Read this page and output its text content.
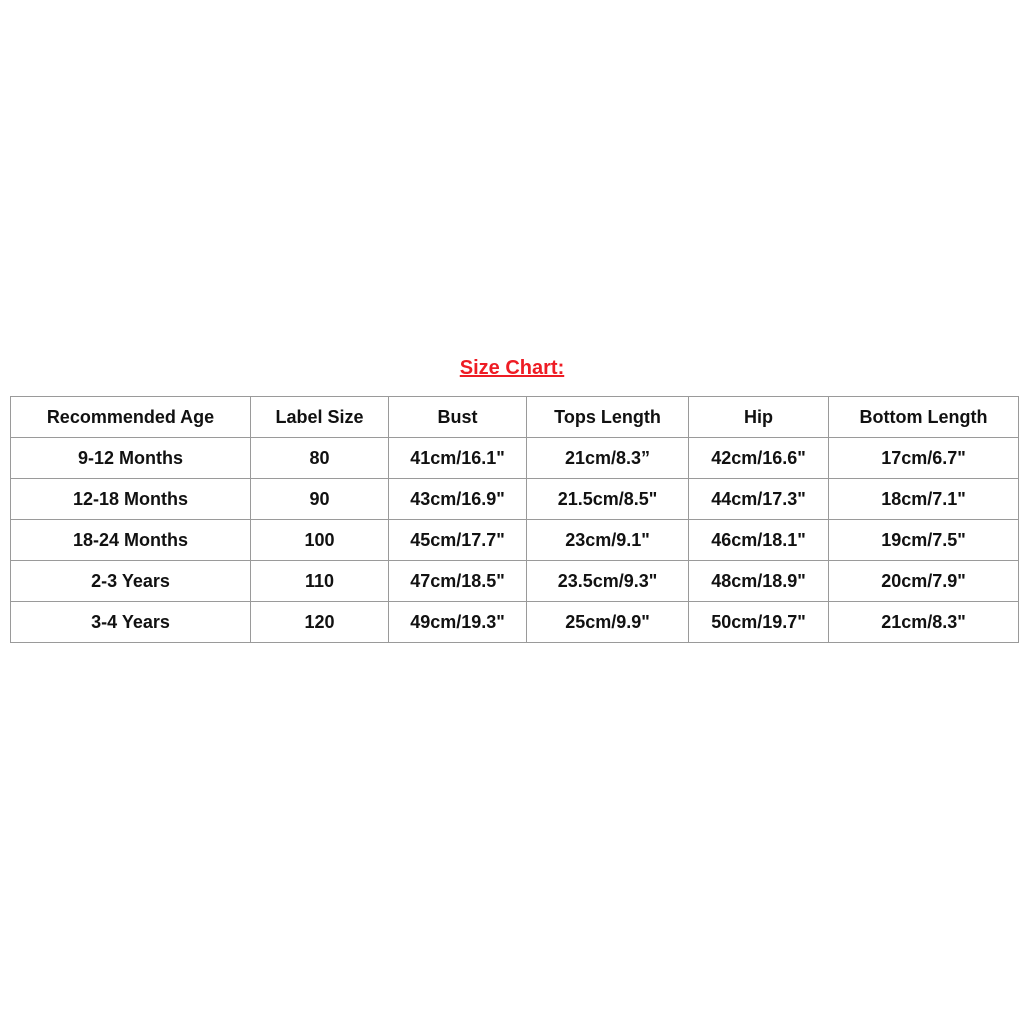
Size Chart:
Recommended Age	Label Size	Bust	Tops Length	Hip	Bottom Length
9-12 Months	80	41cm/16.1"	21cm/8.3”	42cm/16.6"	17cm/6.7"
12-18 Months	90	43cm/16.9"	21.5cm/8.5"	44cm/17.3"	18cm/7.1"
18-24 Months	100	45cm/17.7"	23cm/9.1"	46cm/18.1"	19cm/7.5"
2-3 Years	110	47cm/18.5"	23.5cm/9.3"	48cm/18.9"	20cm/7.9"
3-4 Years	120	49cm/19.3"	25cm/9.9"	50cm/19.7"	21cm/8.3"
